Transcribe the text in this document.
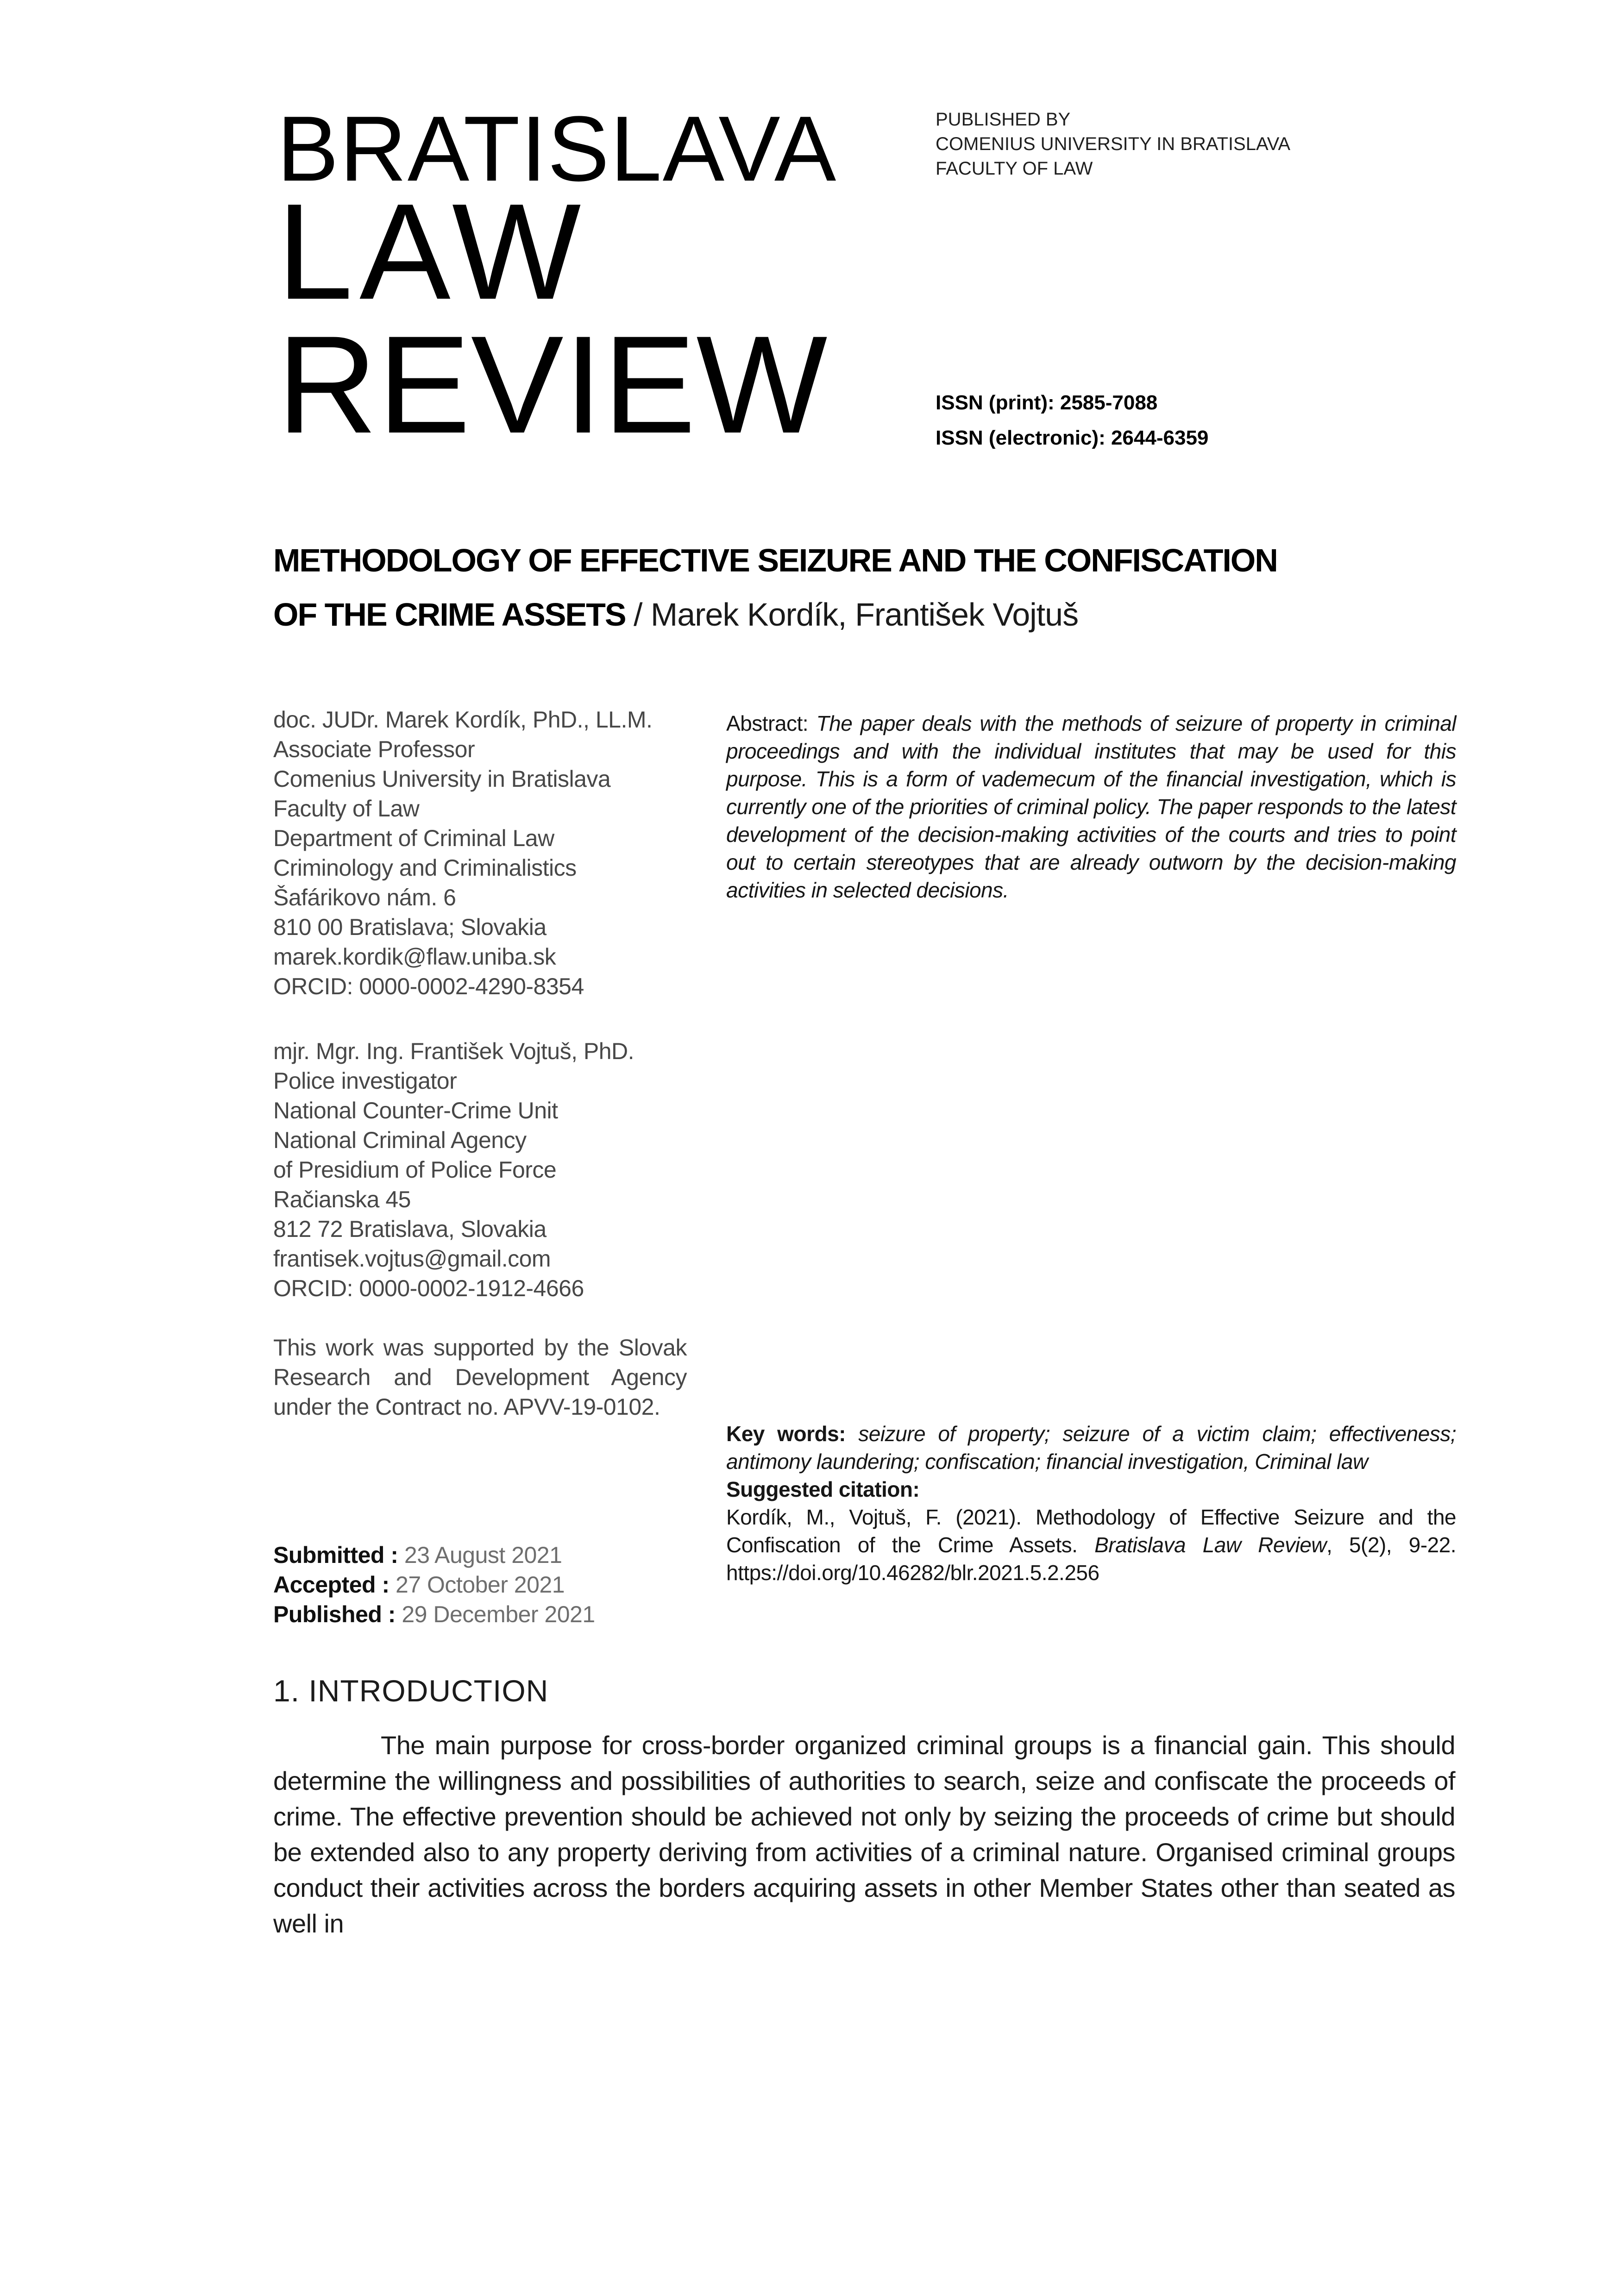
BRATISLAVA
LAW
REVIEW
PUBLISHED BY
COMENIUS UNIVERSITY IN BRATISLAVA
FACULTY OF LAW
ISSN (print): 2585-7088
ISSN (electronic): 2644-6359
METHODOLOGY OF EFFECTIVE SEIZURE AND THE CONFISCATION
OF THE CRIME ASSETS / Marek Kordík, František Vojtuš
doc. JUDr. Marek Kordík, PhD., LL.M.
Associate Professor
Comenius University in Bratislava
Faculty of Law
Department of Criminal Law
Criminology and Criminalistics
Šafárikovo nám. 6
810 00 Bratislava; Slovakia
marek.kordik@flaw.uniba.sk
ORCID: 0000-0002-4290-8354
mjr. Mgr. Ing. František Vojtuš, PhD.
Police investigator
National Counter-Crime Unit
National Criminal Agency
of Presidium of Police Force
Račianska 45
812 72 Bratislava, Slovakia
frantisek.vojtus@gmail.com
ORCID: 0000-0002-1912-4666
This work was supported by the Slovak Research and Development Agency under the Contract no. APVV-19-0102.
Submitted : 23 August 2021
Accepted : 27 October 2021
Published : 29 December 2021

Abstract: The paper deals with the methods of seizure of property in criminal proceedings and with the individual institutes that may be used for this purpose. This is a form of vademecum of the financial investigation, which is currently one of the priorities of criminal policy. The paper responds to the latest development of the decision-making activities of the courts and tries to point out to certain stereotypes that are already outworn by the decision-making activities in selected decisions.

Key words: seizure of property; seizure of a victim claim; effectiveness; antimony laundering; confiscation; financial investigation, Criminal law

Suggested citation:

Kordík, M., Vojtuš, F. (2021). Methodology of Effective Seizure and the Confiscation of the Crime Assets. Bratislava Law Review, 5(2), 9-22. https://doi.org/10.46282/blr.2021.5.2.256

1. INTRODUCTION

The main purpose for cross-border organized criminal groups is a financial gain. This should determine the willingness and possibilities of authorities to search, seize and confiscate the proceeds of crime. The effective prevention should be achieved not only by seizing the proceeds of crime but should be extended also to any property deriving from activities of a criminal nature. Organised criminal groups conduct their activities across the borders acquiring assets in other Member States other than seated as well in
